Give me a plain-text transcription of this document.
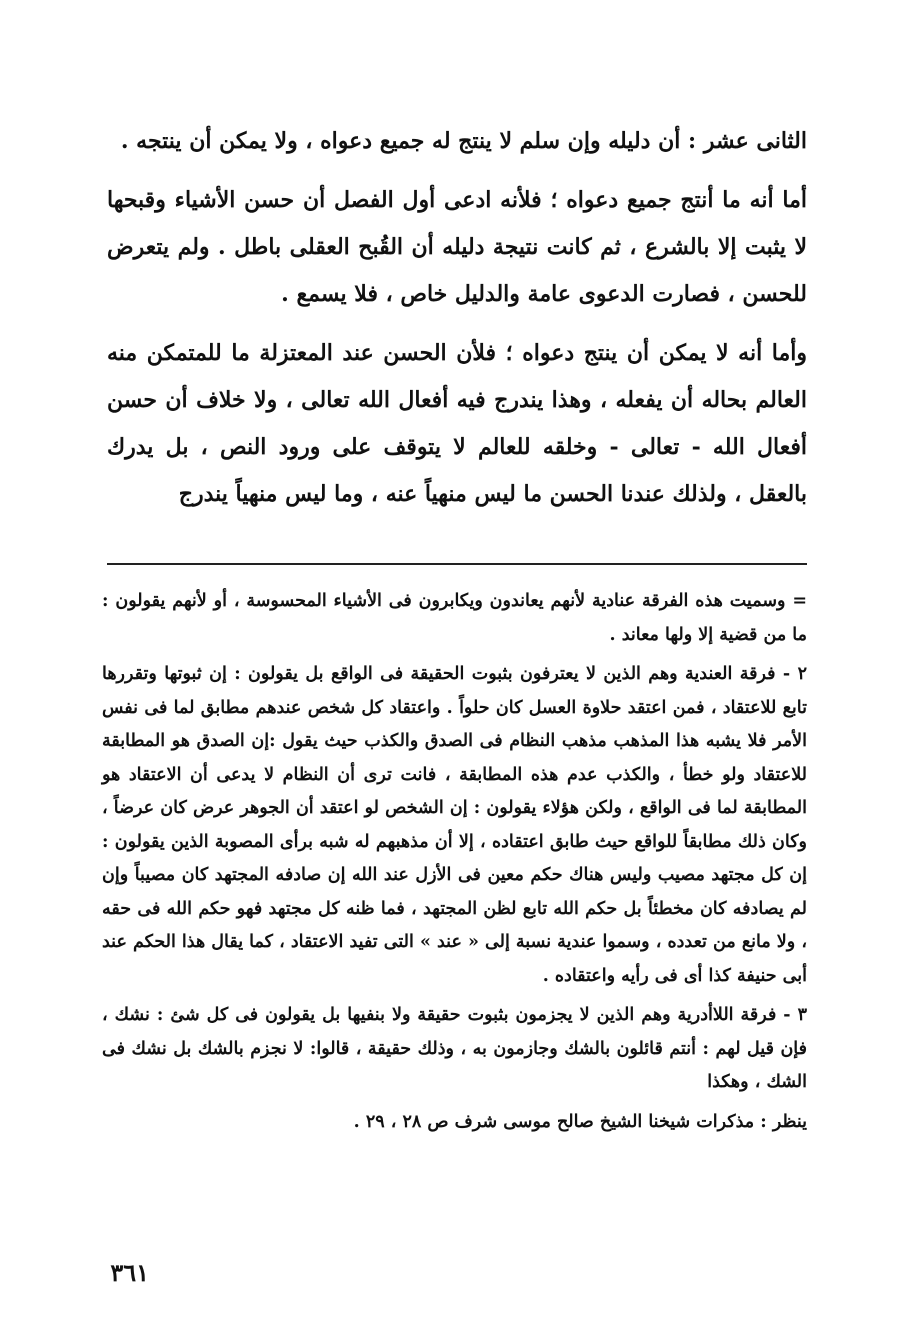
الثانى عشر : أن دليله وإن سلم لا ينتج له جميع دعواه ، ولا يمكن أن ينتجه .

أما أنه ما أنتج جميع دعواه ؛ فلأنه ادعى أول الفصل أن حسن الأشياء وقبحها لا يثبت إلا بالشرع ، ثم كانت نتيجة دليله أن القُبح العقلى باطل . ولم يتعرض للحسن ، فصارت الدعوى عامة والدليل خاص ، فلا يسمع .

وأما أنه لا يمكن أن ينتج دعواه ؛ فلأن الحسن عند المعتزلة ما للمتمكن منه العالم بحاله أن يفعله ، وهذا يندرج فيه أفعال الله تعالى ، ولا خلاف أن حسن أفعال الله - تعالى - وخلقه للعالم لا يتوقف على ورود النص ، بل يدرك بالعقل ، ولذلك عندنا الحسن ما ليس منهياً عنه ، وما ليس منهياً يندرج

= وسميت هذه الفرقة عنادية لأنهم يعاندون ويكابرون فى الأشياء المحسوسة ، أو لأنهم يقولون : ما من قضية إلا ولها معاند .

٢ - فرقة العندية وهم الذين لا يعترفون بثبوت الحقيقة فى الواقع بل يقولون : إن ثبوتها وتقررها تابع للاعتقاد ، فمن اعتقد حلاوة العسل كان حلواً . واعتقاد كل شخص عندهم مطابق لما فى نفس الأمر فلا يشبه هذا المذهب مذهب النظام فى الصدق والكذب حيث يقول :إن الصدق هو المطابقة للاعتقاد ولو خطأ ، والكذب عدم هذه المطابقة ، فانت ترى أن النظام لا يدعى أن الاعتقاد هو المطابقة لما فى الواقع ، ولكن هؤلاء يقولون : إن الشخص لو اعتقد أن الجوهر عرض كان عرضاً ، وكان ذلك مطابقاً للواقع حيث طابق اعتقاده ، إلا أن مذهبهم له شبه برأى المصوبة الذين يقولون : إن كل مجتهد مصيب وليس هناك حكم معين فى الأزل عند الله إن صادفه المجتهد كان مصيباً وإن لم يصادفه كان مخطئاً بل حكم الله تابع لظن المجتهد ، فما ظنه كل مجتهد فهو حكم الله فى حقه ، ولا مانع من تعدده ، وسموا عندية نسبة إلى « عند » التى تفيد الاعتقاد ، كما يقال هذا الحكم عند أبى حنيفة كذا أى فى رأيه واعتقاده .

٣ - فرقة اللاأدرية وهم الذين لا يجزمون بثبوت حقيقة ولا بنفيها بل يقولون فى كل شئ : نشك ، فإن قيل لهم : أنتم قائلون بالشك وجازمون به ، وذلك حقيقة ، قالوا: لا نجزم بالشك بل نشك فى الشك ، وهكذا

ينظر : مذكرات شيخنا الشيخ صالح موسى شرف ص ٢٨ ، ٢٩ .

٣٦١
